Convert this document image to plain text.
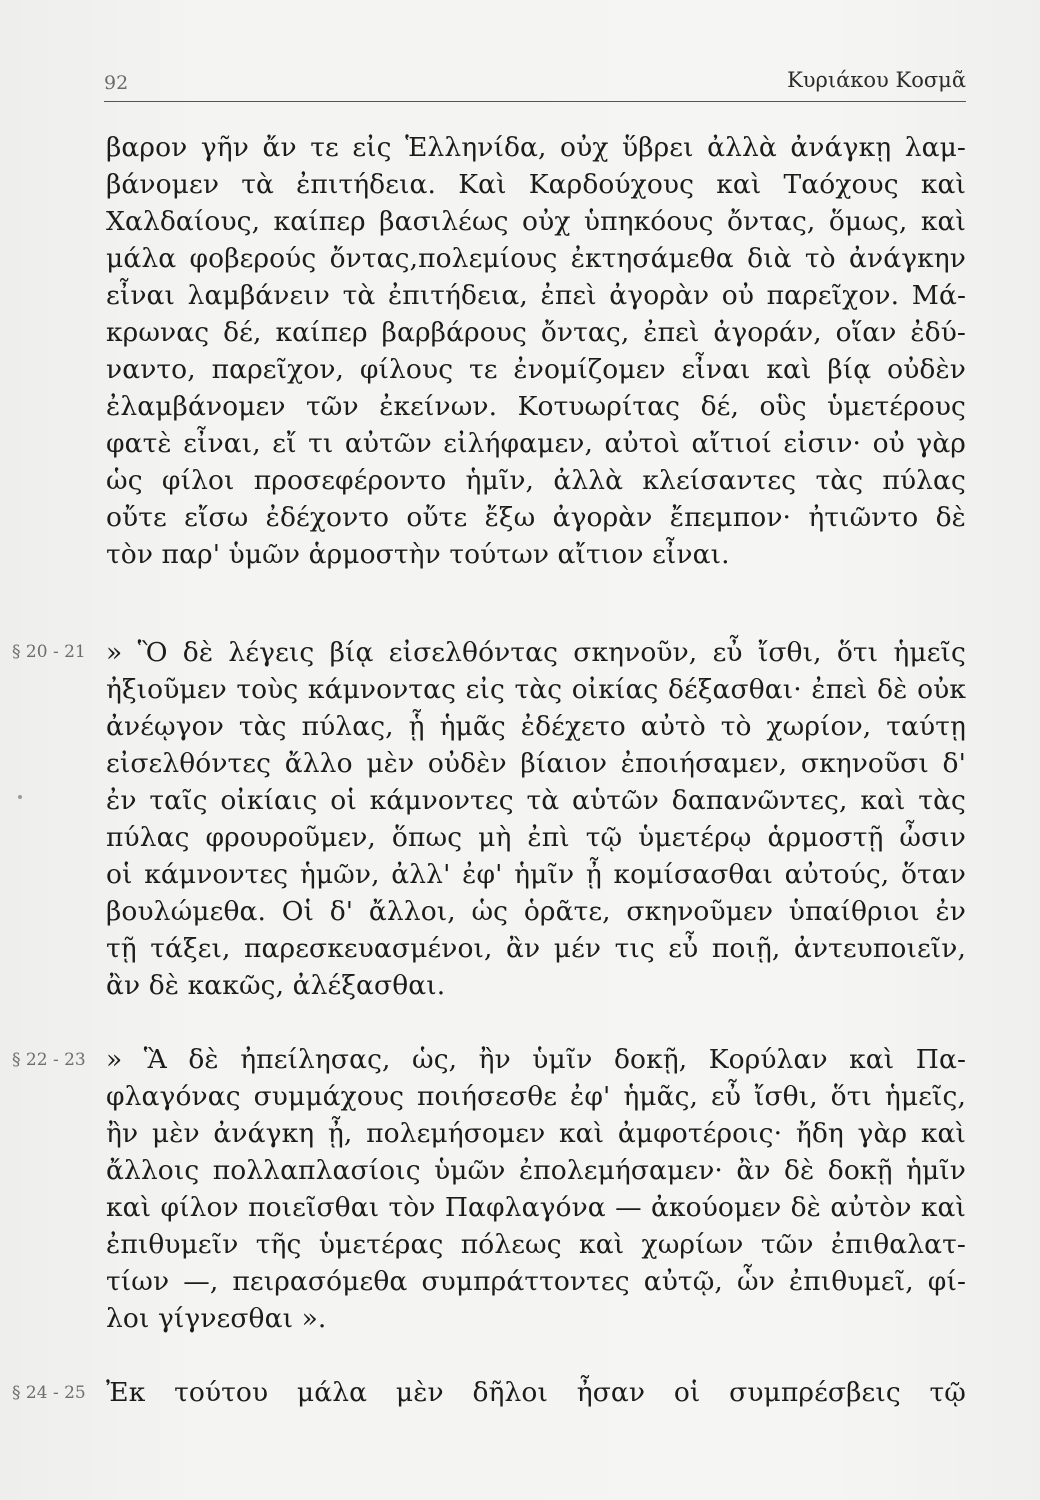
92	Κυριάκου Κοσμᾶ
§ 20 - 21
§ 22 - 23
§ 24 - 25
βαρον γῆν ἄν τε εἰς Ἑλληνίδα, οὐχ ὕβρει ἀλλὰ ἀνάγκῃ λαμ-
βάνομεν τὰ ἐπιτήδεια. Καὶ Καρδούχους καὶ Ταόχους καὶ
Χαλδαίους, καίπερ βασιλέως οὐχ ὑπηκόους ὄντας, ὅμως, καὶ
μάλα φοβερούς ὄντας,πολεμίους ἐκτησάμεθα διὰ τὸ ἀνάγκην
εἶναι λαμβάνειν τὰ ἐπιτήδεια, ἐπεὶ ἀγορὰν οὐ παρεῖχον. Μά-
κρωνας δέ, καίπερ βαρβάρους ὄντας, ἐπεὶ ἀγοράν, οἵαν ἐδύ-
ναντο, παρεῖχον, φίλους τε ἐνομίζομεν εἶναι καὶ βίᾳ οὐδὲν
ἐλαμβάνομεν τῶν ἐκείνων. Κοτυωρίτας δέ, οὓς ὑμετέρους
φατὲ εἶναι, εἴ τι αὐτῶν εἰλήφαμεν, αὐτοὶ αἴτιοί εἰσιν· οὐ γὰρ
ὡς φίλοι προσεφέροντο ἡμῖν, ἀλλὰ κλείσαντες τὰς πύλας
οὔτε εἴσω ἐδέχοντο οὔτε ἔξω ἀγορὰν ἔπεμπον· ἠτιῶντο δὲ
τὸν παρ' ὑμῶν ἁρμοστὴν τούτων αἴτιον εἶναι.
» Ὃ δὲ λέγεις βίᾳ εἰσελθόντας σκηνοῦν, εὖ ἴσθι, ὅτι ἡμεῖς
ἠξιοῦμεν τοὺς κάμνοντας εἰς τὰς οἰκίας δέξασθαι· ἐπεὶ δὲ οὐκ
ἀνέῳγον τὰς πύλας, ᾗ ἡμᾶς ἐδέχετο αὐτὸ τὸ χωρίον, ταύτῃ
εἰσελθόντες ἄλλο μὲν οὐδὲν βίαιον ἐποιήσαμεν, σκηνοῦσι δ'
ἐν ταῖς οἰκίαις οἱ κάμνοντες τὰ αὑτῶν δαπανῶντες, καὶ τὰς
πύλας φρουροῦμεν, ὅπως μὴ ἐπὶ τῷ ὑμετέρῳ ἁρμοστῇ ὦσιν
οἱ κάμνοντες ἡμῶν, ἀλλ' ἐφ' ἡμῖν ᾖ κομίσασθαι αὐτούς, ὅταν
βουλώμεθα. Οἱ δ' ἄλλοι, ὡς ὁρᾶτε, σκηνοῦμεν ὑπαίθριοι ἐν
τῇ τάξει, παρεσκευασμένοι, ἂν μέν τις εὖ ποιῇ, ἀντευποιεῖν,
ἂν δὲ κακῶς, ἀλέξασθαι.
» Ἃ δὲ ἠπείλησας, ὡς, ἢν ὑμῖν δοκῇ, Κορύλαν καὶ Πα-
φλαγόνας συμμάχους ποιήσεσθε ἐφ' ἡμᾶς, εὖ ἴσθι, ὅτι ἡμεῖς,
ἢν μὲν ἀνάγκη ᾖ, πολεμήσομεν καὶ ἀμφοτέροις· ἤδη γὰρ καὶ
ἄλλοις πολλαπλασίοις ὑμῶν ἐπολεμήσαμεν· ἂν δὲ δοκῇ ἡμῖν
καὶ φίλον ποιεῖσθαι τὸν Παφλαγόνα — ἀκούομεν δὲ αὐτὸν καὶ
ἐπιθυμεῖν τῆς ὑμετέρας πόλεως καὶ χωρίων τῶν ἐπιθαλατ-
τίων —, πειρασόμεθα συμπράττοντες αὐτῷ, ὧν ἐπιθυμεῖ, φί-
λοι γίγνεσθαι ».
Ἐκ τούτου μάλα μὲν δῆλοι ἦσαν οἱ συμπρέσβεις τῷ
